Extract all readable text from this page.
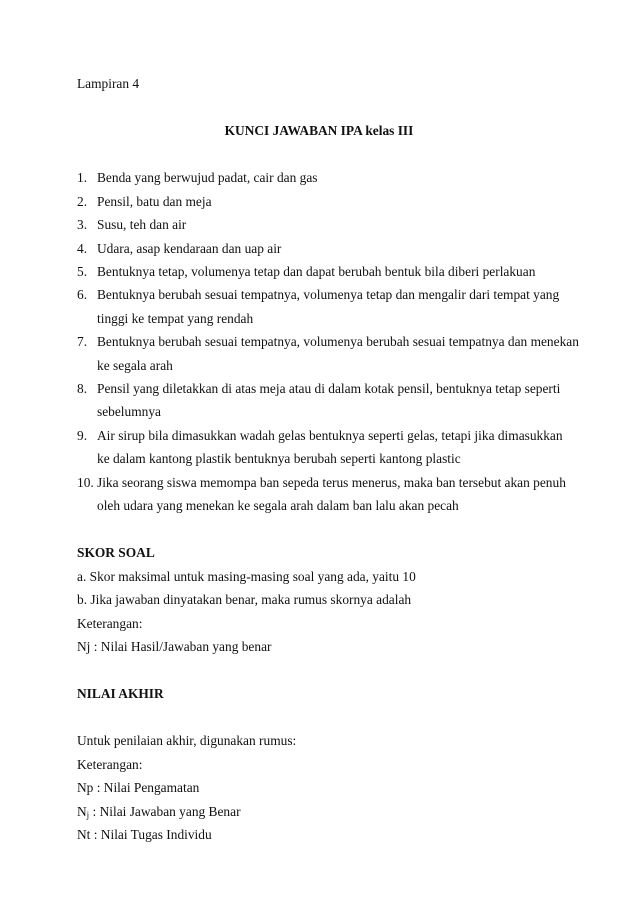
Lampiran 4
KUNCI JAWABAN IPA kelas III
1. Benda yang berwujud padat, cair dan gas
2. Pensil, batu dan meja
3. Susu, teh dan air
4. Udara, asap kendaraan dan uap air
5. Bentuknya tetap, volumenya tetap dan dapat berubah bentuk bila diberi perlakuan
6. Bentuknya berubah sesuai tempatnya, volumenya tetap dan mengalir dari tempat yang
tinggi ke tempat yang rendah
7. Bentuknya berubah sesuai tempatnya, volumenya berubah sesuai tempatnya dan menekan
ke segala arah
8. Pensil yang diletakkan di atas meja atau di dalam kotak pensil, bentuknya tetap seperti
sebelumnya
9. Air sirup bila dimasukkan wadah gelas bentuknya seperti gelas, tetapi jika dimasukkan
ke dalam kantong plastik bentuknya berubah seperti kantong plastic
10. Jika seorang siswa memompa ban sepeda terus menerus, maka ban tersebut akan penuh
oleh udara yang menekan ke segala arah dalam ban lalu akan pecah
SKOR SOAL
a. Skor maksimal untuk masing-masing soal yang ada, yaitu 10
b. Jika jawaban dinyatakan benar, maka rumus skornya adalah
Keterangan:
Nj : Nilai Hasil/Jawaban yang benar
NILAI AKHIR
Untuk penilaian akhir, digunakan rumus:
Keterangan:
Np : Nilai Pengamatan
$N_j$ : Nilai Jawaban yang Benar
Nt : Nilai Tugas Individu
